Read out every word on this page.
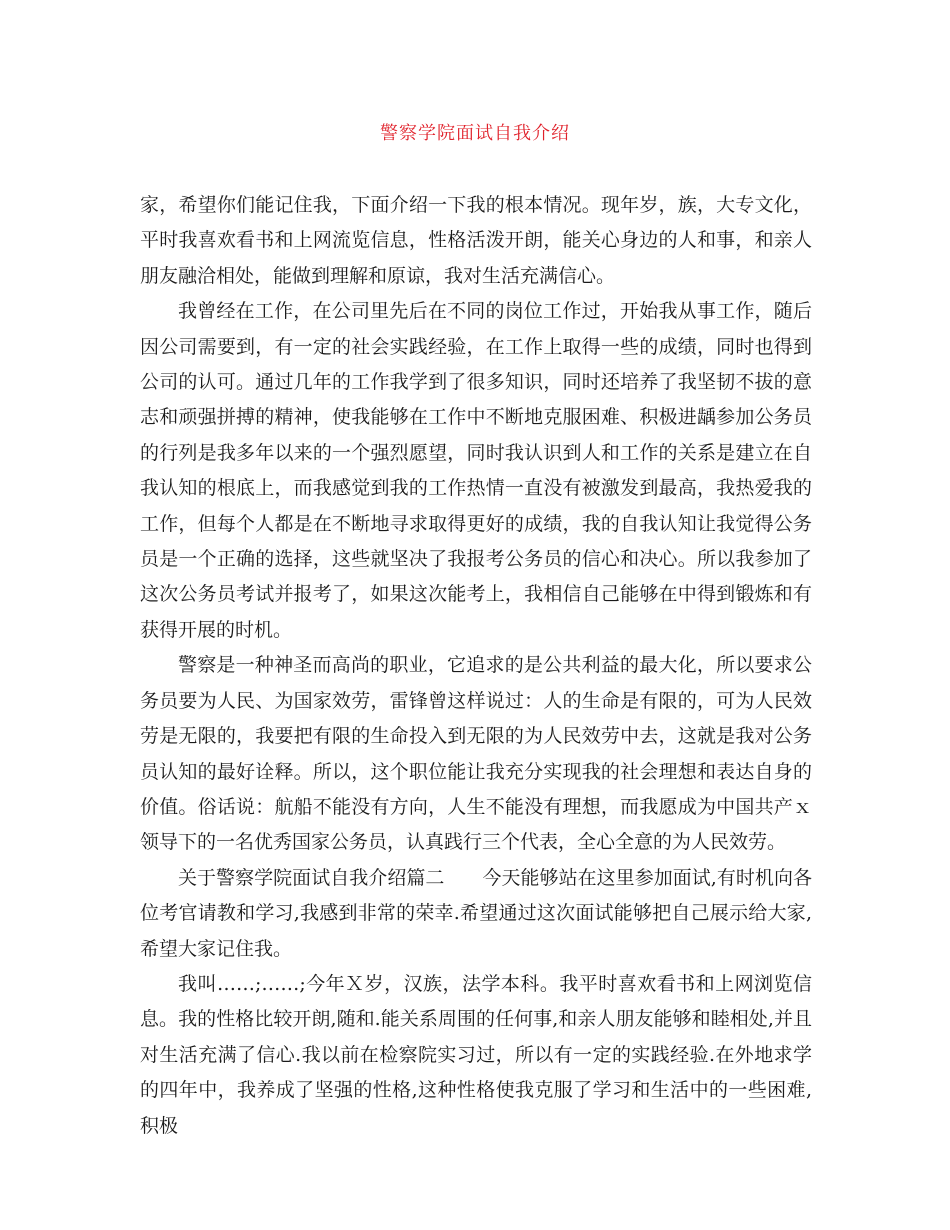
警察学院面试自我介绍

家，希望你们能记住我，下面介绍一下我的根本情况。现年岁，族，大专文化，平时我喜欢看书和上网流览信息，性格活泼开朗，能关心身边的人和事，和亲人朋友融洽相处，能做到理解和原谅，我对生活充满信心。

我曾经在工作，在公司里先后在不同的岗位工作过，开始我从事工作，随后因公司需要到，有一定的社会实践经验，在工作上取得一些的成绩，同时也得到公司的认可。通过几年的工作我学到了很多知识，同时还培养了我坚韧不拔的意志和顽强拼搏的精神，使我能够在工作中不断地克服困难、积极进龋参加公务员的行列是我多年以来的一个强烈愿望，同时我认识到人和工作的关系是建立在自我认知的根底上，而我感觉到我的工作热情一直没有被激发到最高，我热爱我的工作，但每个人都是在不断地寻求取得更好的成绩，我的自我认知让我觉得公务员是一个正确的选择，这些就坚决了我报考公务员的信心和决心。所以我参加了这次公务员考试并报考了，如果这次能考上，我相信自己能够在中得到锻炼和有获得开展的时机。

警察是一种神圣而高尚的职业，它追求的是公共利益的最大化，所以要求公务员要为人民、为国家效劳，雷锋曾这样说过：人的生命是有限的，可为人民效劳是无限的，我要把有限的生命投入到无限的为人民效劳中去，这就是我对公务员认知的最好诠释。所以，这个职位能让我充分实现我的社会理想和表达自身的价值。俗话说：航船不能没有方向，人生不能没有理想，而我愿成为中国共产ｘ领导下的一名优秀国家公务员，认真践行三个代表，全心全意的为人民效劳。

关于警察学院面试自我介绍篇二　　今天能够站在这里参加面试,有时机向各位考官请教和学习,我感到非常的荣幸.希望通过这次面试能够把自己展示给大家,希望大家记住我。

我叫……;……;今年Ｘ岁，汉族，法学本科。我平时喜欢看书和上网浏览信息。我的性格比较开朗,随和.能关系周围的任何事,和亲人朋友能够和睦相处,并且对生活充满了信心.我以前在检察院实习过，所以有一定的实践经验.在外地求学的四年中，我养成了坚强的性格,这种性格使我克服了学习和生活中的一些困难,积极
